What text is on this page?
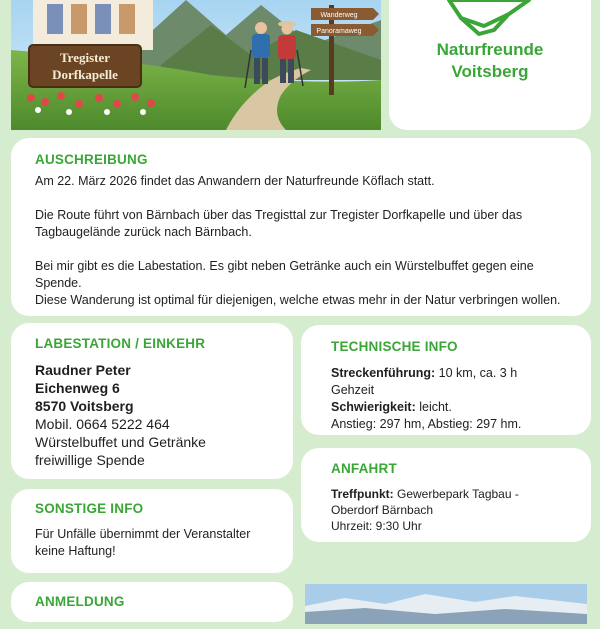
Tregister
Dorfkapelle
Wanderweg
Panoramaweg
Naturfreunde
Voitsberg
AUSCHREIBUNG

Am 22. März 2026 findet das Anwandern der Naturfreunde Köflach statt.

Die Route führt von Bärnbach über das Tregisttal zur Tregister Dorfkapelle und über das Tagbaugelände zurück nach Bärnbach.

Bei mir gibt es die Labestation. Es gibt neben Getränke auch ein Würstelbuffet gegen eine Spende.
Diese Wanderung ist optimal für diejenigen, welche etwas mehr in der Natur verbringen wollen.

LABESTATION / EINKEHR
Raudner Peter
Eichenweg 6
8570 Voitsberg
Mobil. 0664 5222 464
Würstelbuffet und Getränke
freiwillige Spende
TECHNISCHE INFO

Streckenführung: 10 km, ca. 3 h Gehzeit

Schwierigkeit: leicht.

Anstieg: 297 hm, Abstieg: 297 hm.

SONSTIGE INFO

Für Unfälle übernimmt der Veranstalter keine Haftung!

ANFAHRT

Treffpunkt: Gewerbepark Tagbau - Oberdorf Bärnbach

Uhrzeit: 9:30 Uhr

ANMELDUNG
